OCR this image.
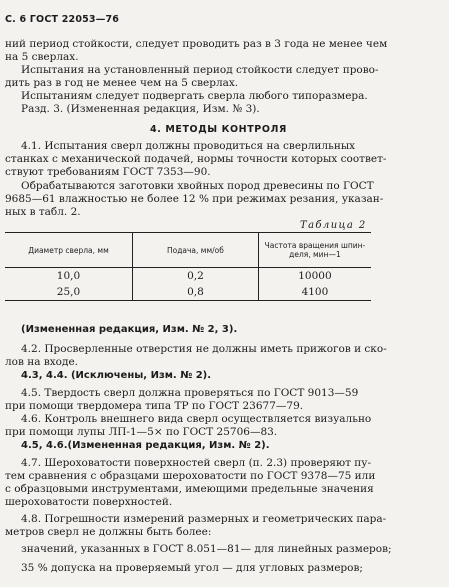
С. 6 ГОСТ 22053—76
ний период стойкости, следует проводить раз в 3 года не менее чем
на 5 сверлах.
Испытания на установленный период стойкости следует прово-
дить раз в год не менее чем на 5 сверлах.
Испытаниям следует подвергать сверла любого типоразмера.
Разд. 3. (Измененная редакция, Изм. № 3).
4. МЕТОДЫ КОНТРОЛЯ
4.1. Испытания сверл должны проводиться на сверлильных
станках с механической подачей, нормы точности которых соответ-
ствуют требованиям ГОСТ 7353—90.
Обрабатываются заготовки хвойных пород древесины по ГОСТ
9685—61 влажностью не более 12 % при режимах резания, указан-
ных в табл. 2.
Таблица 2
Диаметр сверла, мм	Подача, мм/об	Частота вращения шпин-
деля, мин—1
10,0	0,2	10000
25,0	0,8	4100
(Измененная редакция, Изм. № 2, 3).
4.2. Просверленные отверстия не должны иметь прижогов и ско-
лов на входе.
4.3, 4.4. (Исключены, Изм. № 2).
4.5. Твердость сверл должна проверяться по ГОСТ 9013—59
при помощи твердомера типа ТР по ГОСТ 23677—79.
4.6. Контроль внешнего вида сверл осуществляется визуально
при помощи лупы ЛП-1—5× по ГОСТ 25706—83.
4.5, 4.6.(Измененная редакция, Изм. № 2).
4.7. Шероховатости поверхностей сверл (п. 2.3) проверяют пу-
тем сравнения с образцами шероховатости по ГОСТ 9378—75 или
с образцовыми инструментами, имеющими предельные значения
шероховатости поверхностей.
4.8. Погрешности измерений размерных и геометрических пара-
метров сверл не должны быть более:
значений, указанных в ГОСТ 8.051—81— для линейных размеров;
35 % допуска на проверяемый угол — для угловых размеров;
